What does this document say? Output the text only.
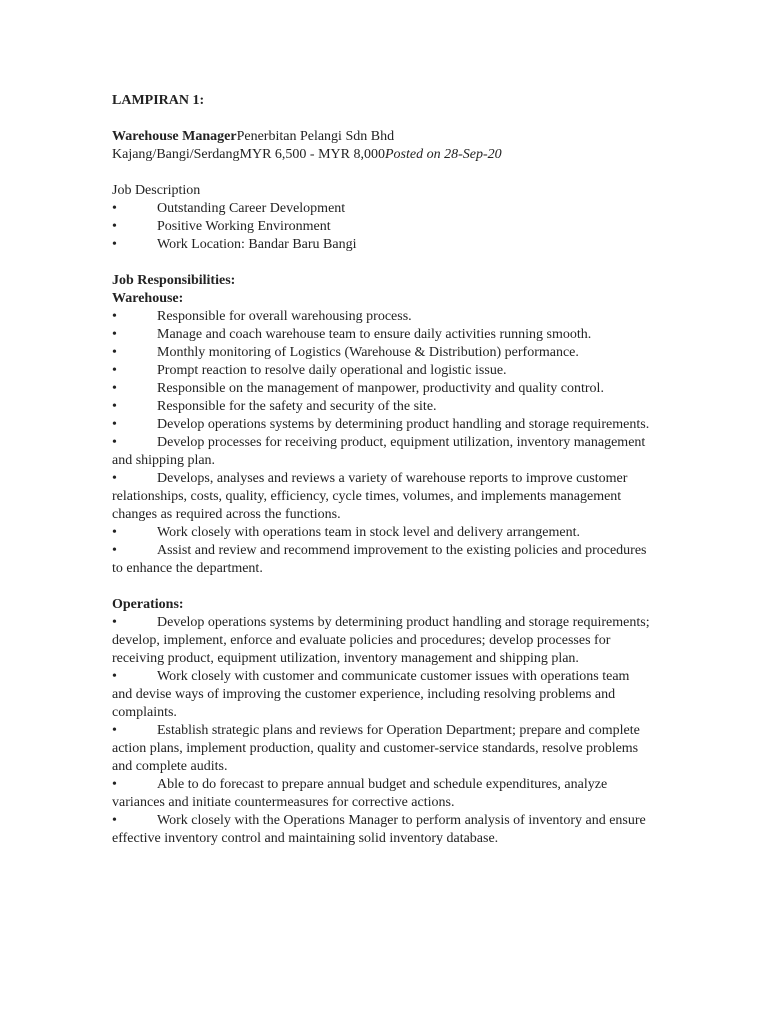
LAMPIRAN 1:

Warehouse ManagerPenerbitan Pelangi Sdn Bhd

Kajang/Bangi/SerdangMYR 6,500 - MYR 8,000Posted on 28-Sep-20

Job Description

•	Outstanding Career Development
•	Positive Working Environment
•	Work Location: Bandar Baru Bangi

Job Responsibilities:

Warehouse:

•	Responsible for overall warehousing process.
•	Manage and coach warehouse team to ensure daily activities running smooth.
•	Monthly monitoring of Logistics (Warehouse & Distribution) performance.
•	Prompt reaction to resolve daily operational and logistic issue.
•	Responsible on the management of manpower, productivity and quality control.
•	Responsible for the safety and security of the site.
•	Develop operations systems by determining product handling and storage requirements.
•	Develop processes for receiving product, equipment utilization, inventory management and shipping plan.
•	Develops, analyses and reviews a variety of warehouse reports to improve customer relationships, costs, quality, efficiency, cycle times, volumes, and implements management changes as required across the functions.
•	Work closely with operations team in stock level and delivery arrangement.
•	Assist and review and recommend improvement to the existing policies and procedures to enhance the department.

Operations:

•	Develop operations systems by determining product handling and storage requirements; develop, implement, enforce and evaluate policies and procedures; develop processes for receiving product, equipment utilization, inventory management and shipping plan.
•	Work closely with customer and communicate customer issues with operations team and devise ways of improving the customer experience, including resolving problems and complaints.
•	Establish strategic plans and reviews for Operation Department; prepare and complete action plans, implement production, quality and customer-service standards, resolve problems and complete audits.
•	Able to do forecast to prepare annual budget and schedule expenditures, analyze variances and initiate countermeasures for corrective actions.
•	Work closely with the Operations Manager to perform analysis of inventory and ensure effective inventory control and maintaining solid inventory database.
